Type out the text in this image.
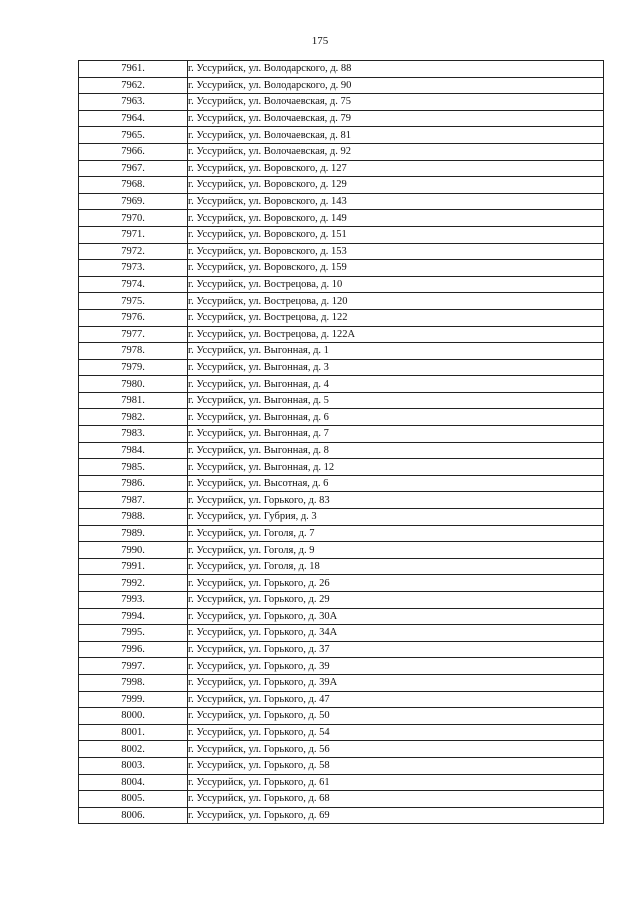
175
7961.	г. Уссурийск, ул. Володарского, д. 88
7962.	г. Уссурийск, ул. Володарского, д. 90
7963.	г. Уссурийск, ул. Волочаевская, д. 75
7964.	г. Уссурийск, ул. Волочаевская, д. 79
7965.	г. Уссурийск, ул. Волочаевская, д. 81
7966.	г. Уссурийск, ул. Волочаевская, д. 92
7967.	г. Уссурийск, ул. Воровского, д. 127
7968.	г. Уссурийск, ул. Воровского, д. 129
7969.	г. Уссурийск, ул. Воровского, д. 143
7970.	г. Уссурийск, ул. Воровского, д. 149
7971.	г. Уссурийск, ул. Воровского, д. 151
7972.	г. Уссурийск, ул. Воровского, д. 153
7973.	г. Уссурийск, ул. Воровского, д. 159
7974.	г. Уссурийск, ул. Вострецова, д. 10
7975.	г. Уссурийск, ул. Вострецова, д. 120
7976.	г. Уссурийск, ул. Вострецова, д. 122
7977.	г. Уссурийск, ул. Вострецова, д. 122А
7978.	г. Уссурийск, ул. Выгонная, д. 1
7979.	г. Уссурийск, ул. Выгонная, д. 3
7980.	г. Уссурийск, ул. Выгонная, д. 4
7981.	г. Уссурийск, ул. Выгонная, д. 5
7982.	г. Уссурийск, ул. Выгонная, д. 6
7983.	г. Уссурийск, ул. Выгонная, д. 7
7984.	г. Уссурийск, ул. Выгонная, д. 8
7985.	г. Уссурийск, ул. Выгонная, д. 12
7986.	г. Уссурийск, ул. Высотная, д. 6
7987.	г. Уссурийск, ул. Горького, д. 83
7988.	г. Уссурийск, ул. Губрия, д. 3
7989.	г. Уссурийск, ул. Гоголя, д. 7
7990.	г. Уссурийск, ул. Гоголя, д. 9
7991.	г. Уссурийск, ул. Гоголя, д. 18
7992.	г. Уссурийск, ул. Горького, д. 26
7993.	г. Уссурийск, ул. Горького, д. 29
7994.	г. Уссурийск, ул. Горького, д. 30А
7995.	г. Уссурийск, ул. Горького, д. 34А
7996.	г. Уссурийск, ул. Горького, д. 37
7997.	г. Уссурийск, ул. Горького, д. 39
7998.	г. Уссурийск, ул. Горького, д. 39А
7999.	г. Уссурийск, ул. Горького, д. 47
8000.	г. Уссурийск, ул. Горького, д. 50
8001.	г. Уссурийск, ул. Горького, д. 54
8002.	г. Уссурийск, ул. Горького, д. 56
8003.	г. Уссурийск, ул. Горького, д. 58
8004.	г. Уссурийск, ул. Горького, д. 61
8005.	г. Уссурийск, ул. Горького, д. 68
8006.	г. Уссурийск, ул. Горького, д. 69
